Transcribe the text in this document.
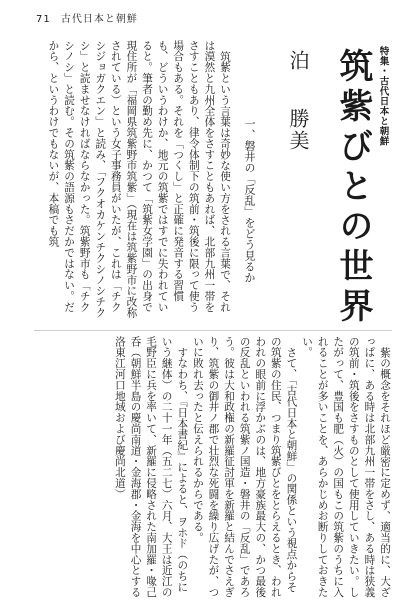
71 古代日本と朝鮮
特集・古代日本と朝鮮
筑紫びとの世界
泊勝美
一、磐井の「反乱」をどう見るか

筑紫という言葉は奇妙な使い方をされる言葉で、それは漠然と九州全体をさすこともあれば、北部九州一帯をさすこともあり、律令体制下の筑前・筑後に限って使う場合もある。それを「つくし」と正確に発音する習慣も、どういうわけか、地元の筑紫ではすでに失われていると。筆者の勤め先に、かつて「筑紫女学園」の出身で現住所が「福岡県筑紫野市筑紫」（現在は筑紫野市に改称されている）という女子事務員がいたが、これは「チクシジョガクエン」と読み、「フクオカケンチクシノシチクシ」と読ませなければならなかった。筑紫野市も「チクシノシ」と読む。その筑紫の語源もさだかではない。だから、というわけでもないが、本稿でも筑

紫の概念をそれほど厳密に定めず、適当的に、大ざっぱに、ある時は北部九州一帯をさし、ある時は狭義の筑前・筑後をさすものとして使用していきたい。したがって、豊国も肥（火）の国もこの筑紫のうちに入れることが多いことを、あらかじめお断りしておきたい。

さて、「古代日本と朝鮮」の関係という視点からその筑紫の住民、つまり筑紫びとをとらえるとき、われわれの眼前に浮かぶのは、地方豪族最大の、かつ最後の反乱といわれる筑紫ノ国造・磐井の「反乱」であろう。彼は大和政権の新羅征討軍を新羅と結んでさえぎり、筑紫の御井ノ郡で壮烈な死闘を繰り広げたが、ついに敗れ去ったと伝えられるからである。

すなわち、『日本書紀』によると、ヲホド（のちにいう継体）の二十一年（五二七）六月、大王は近江の毛野臣に兵を率いて、新羅に侵略された南加羅・喙己呑（朝鮮半島の慶尚南道・金海郡・金海を中心とする洛東江河口地域および慶尚北道）
